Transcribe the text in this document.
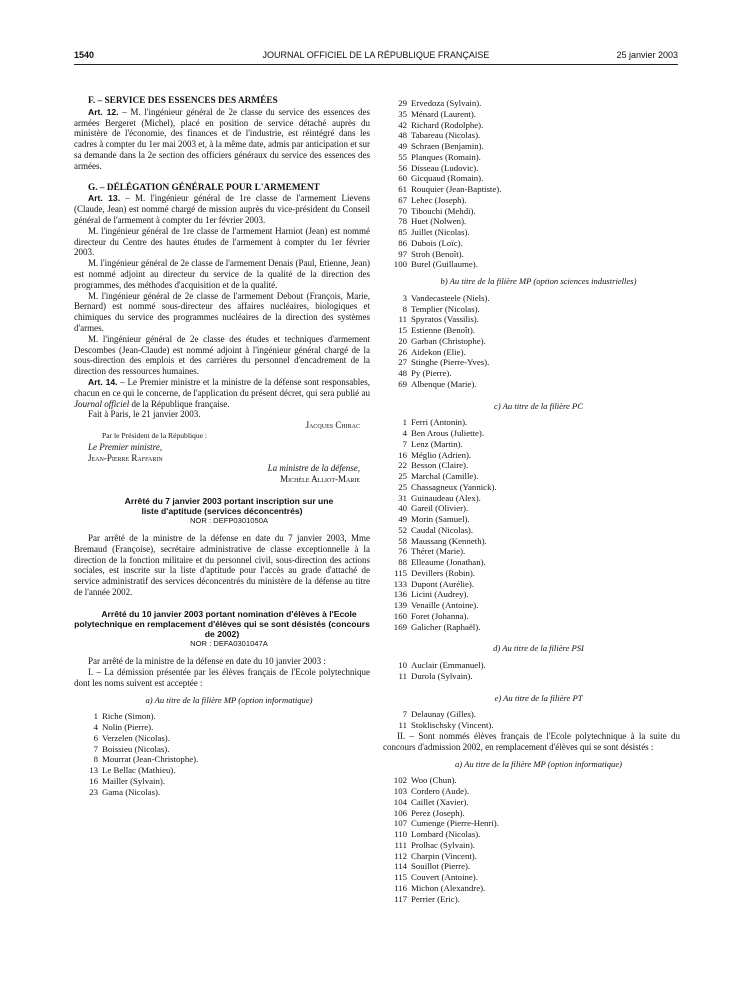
1540	JOURNAL OFFICIEL DE LA RÉPUBLIQUE FRANÇAISE	25 janvier 2003

F. – SERVICE DES ESSENCES DES ARMÉES

Art. 12. – M. l'ingénieur général de 2e classe du service des essences des armées Bergeret (Michel), placé en position de service détaché auprès du ministère de l'économie, des finances et de l'industrie, est réintégré dans les cadres à compter du 1er mai 2003 et, à la même date, admis par anticipation et sur sa demande dans la 2e section des officiers généraux du service des essences des armées.

G. – DÉLÉGATION GÉNÉRALE POUR L'ARMEMENT

Art. 13. – M. l'ingénieur général de 1re classe de l'armement Lievens (Claude, Jean) est nommé chargé de mission auprès du vice-président du Conseil général de l'armement à compter du 1er février 2003.

M. l'ingénieur général de 1re classe de l'armement Harniot (Jean) est nommé directeur du Centre des hautes études de l'armement à compter du 1er février 2003.

M. l'ingénieur général de 2e classe de l'armement Denais (Paul, Etienne, Jean) est nommé adjoint au directeur du service de la qualité de la direction des programmes, des méthodes d'acquisition et de la qualité.

M. l'ingénieur général de 2e classe de l'armement Debout (François, Marie, Bernard) est nommé sous-directeur des affaires nucléaires, biologiques et chimiques du service des programmes nucléaires de la direction des systèmes d'armes.

M. l'ingénieur général de 2e classe des études et techniques d'armement Descombes (Jean-Claude) est nommé adjoint à l'ingénieur général chargé de la sous-direction des emplois et des carrières du personnel d'encadrement de la direction des ressources humaines.

Art. 14. – Le Premier ministre et la ministre de la défense sont responsables, chacun en ce qui le concerne, de l'application du présent décret, qui sera publié au Journal officiel de la République française.

Fait à Paris, le 21 janvier 2003.

Jacques Chirac

Par le Président de la République :

Le Premier ministre,

Jean-Pierre Raffarin

La ministre de la défense,

Michèle Alliot-Marie

Arrêté du 7 janvier 2003 portant inscription sur une liste d'aptitude (services déconcentrés)

NOR : DEFP0301050A

Par arrêté de la ministre de la défense en date du 7 janvier 2003, Mme Bremaud (Françoise), secrétaire administrative de classe exceptionnelle à la direction de la fonction militaire et du personnel civil, sous-direction des actions sociales, est inscrite sur la liste d'aptitude pour l'accès au grade d'attaché de service administratif des services déconcentrés du ministère de la défense au titre de l'année 2002.

Arrêté du 10 janvier 2003 portant nomination d'élèves à l'Ecole polytechnique en remplacement d'élèves qui se sont désistés (concours de 2002)

NOR : DEFA0301047A

Par arrêté de la ministre de la défense en date du 10 janvier 2003 :

I. – La démission présentée par les élèves français de l'Ecole polytechnique dont les noms suivent est acceptée :

a) Au titre de la filière MP (option informatique)

1 Riche (Simon).
4 Nolin (Pierre).
6 Verzelen (Nicolas).
7 Boissieu (Nicolas).
8 Mourrat (Jean-Christophe).
13 Le Bellac (Mathieu).
16 Mailler (Sylvain).
23 Gama (Nicolas).
29 Ervedoza (Sylvain).
35 Ménard (Laurent).
42 Richard (Rodolphe).
48 Tabareau (Nicolas).
49 Schraen (Benjamin).
55 Planques (Romain).
56 Disseau (Ludovic).
60 Gicquaud (Romain).
61 Rouquier (Jean-Baptiste).
67 Lehec (Joseph).
70 Tibouchi (Mehdi).
78 Huet (Nolwen).
85 Juillet (Nicolas).
86 Dubois (Loïc).
97 Stroh (Benoît).
100 Burel (Guillaume).

b) Au titre de la filière MP (option sciences industrielles)

3 Vandecasteele (Niels).
8 Templier (Nicolas).
11 Spyratos (Vassilis).
15 Estienne (Benoît).
20 Garban (Christophe).
26 Aidekon (Elie).
27 Stinghe (Pierre-Yves).
48 Py (Pierre).
69 Albenque (Marie).

c) Au titre de la filière PC

1 Ferri (Antonin).
4 Ben Arous (Juliette).
7 Lenz (Martin).
16 Méglio (Adrien).
22 Besson (Claire).
25 Marchal (Camille).
25 Chassagneux (Yannick).
31 Guinaudeau (Alex).
40 Gareil (Olivier).
49 Morin (Samuel).
52 Caudal (Nicolas).
58 Maussang (Kenneth).
76 Théret (Marie).
88 Elleaume (Jonathan).
115 Devillers (Robin).
133 Dupont (Aurélie).
136 Licini (Audrey).
139 Venaille (Antoine).
160 Foret (Johanna).
169 Galicher (Raphaël).

d) Au titre de la filière PSI

10 Auclair (Emmanuel).
11 Durola (Sylvain).

e) Au titre de la filière PT

7 Delaunay (Gilles).
11 Stoklischsky (Vincent).

II. – Sont nommés élèves français de l'Ecole polytechnique à la suite du concours d'admission 2002, en remplacement d'élèves qui se sont désistés :

a) Au titre de la filière MP (option informatique)

102 Woo (Chun).
103 Cordero (Aude).
104 Caillet (Xavier).
106 Perez (Joseph).
107 Cumenge (Pierre-Henri).
110 Lombard (Nicolas).
111 Prolhac (Sylvain).
112 Charpin (Vincent).
114 Souillot (Pierre).
115 Couvert (Antoine).
116 Michon (Alexandre).
117 Perrier (Eric).
